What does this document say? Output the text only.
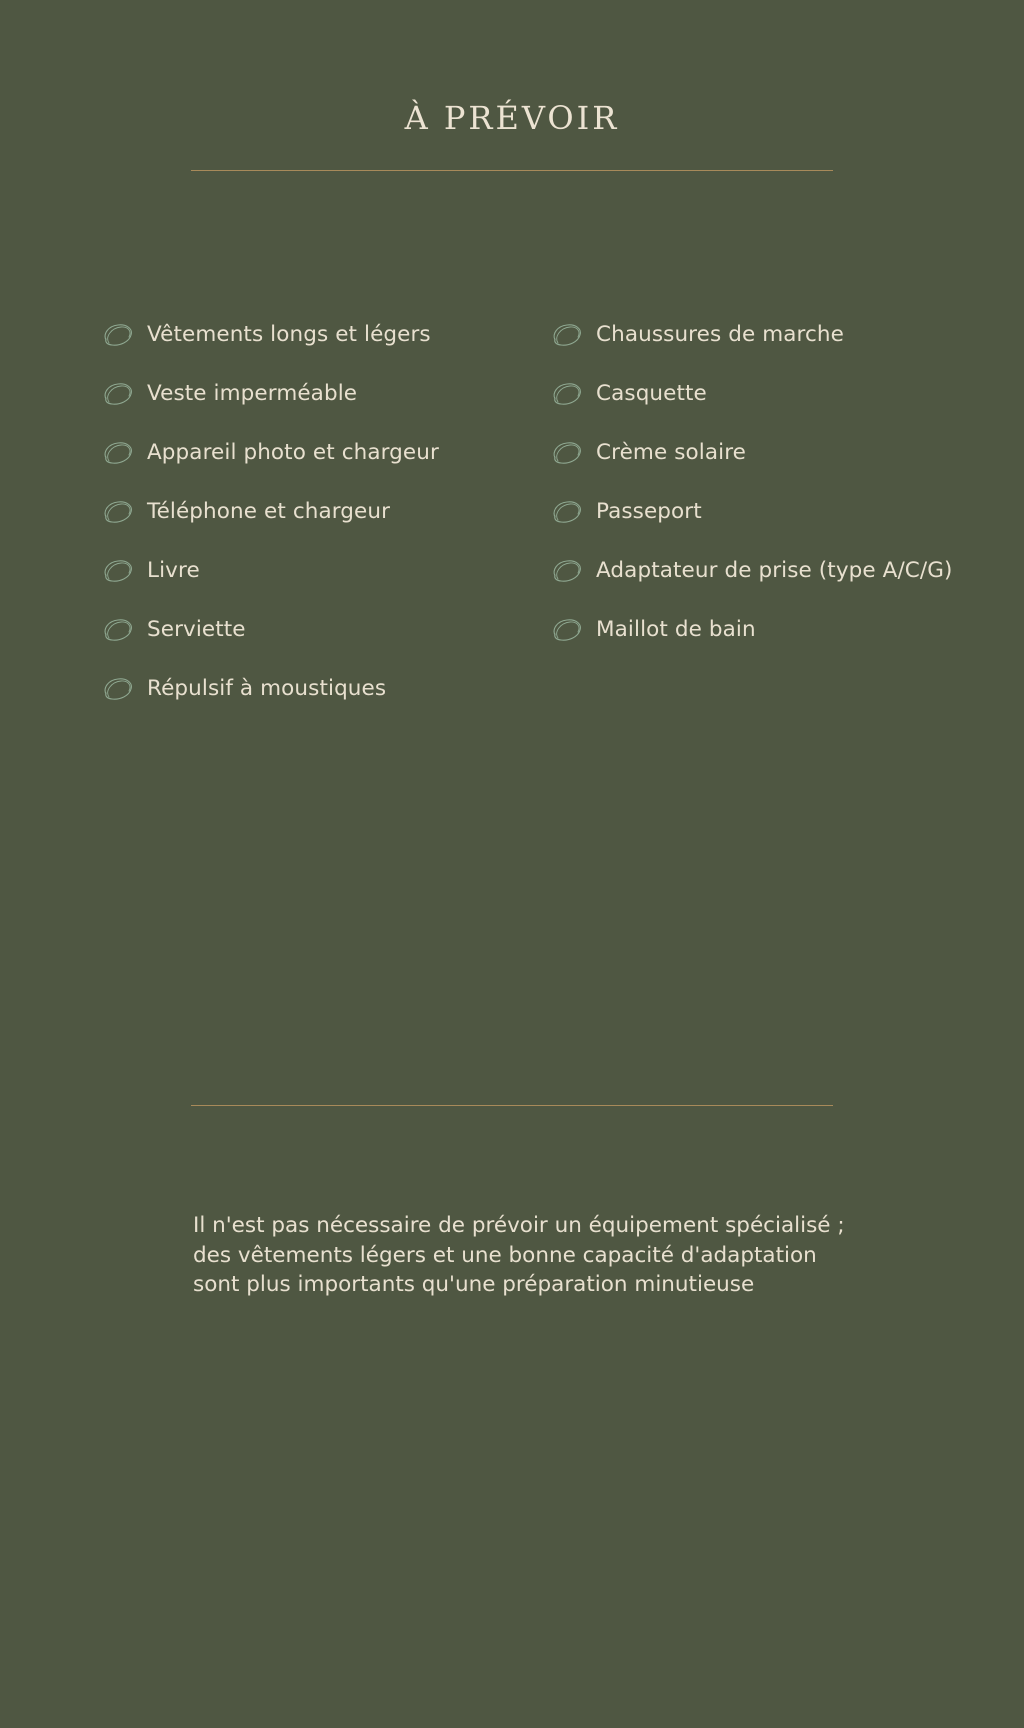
À PRÉVOIR
Vêtements longs et légers
Veste imperméable
Appareil photo et chargeur
Téléphone et chargeur
Livre
Serviette
Répulsif à moustiques
Chaussures de marche
Casquette
Crème solaire
Passeport
Adaptateur de prise (type A/C/G)
Maillot de bain

Il n'est pas nécessaire de prévoir un équipement spécialisé ; des vêtements légers et une bonne capacité d'adaptation sont plus importants qu'une préparation minutieuse
